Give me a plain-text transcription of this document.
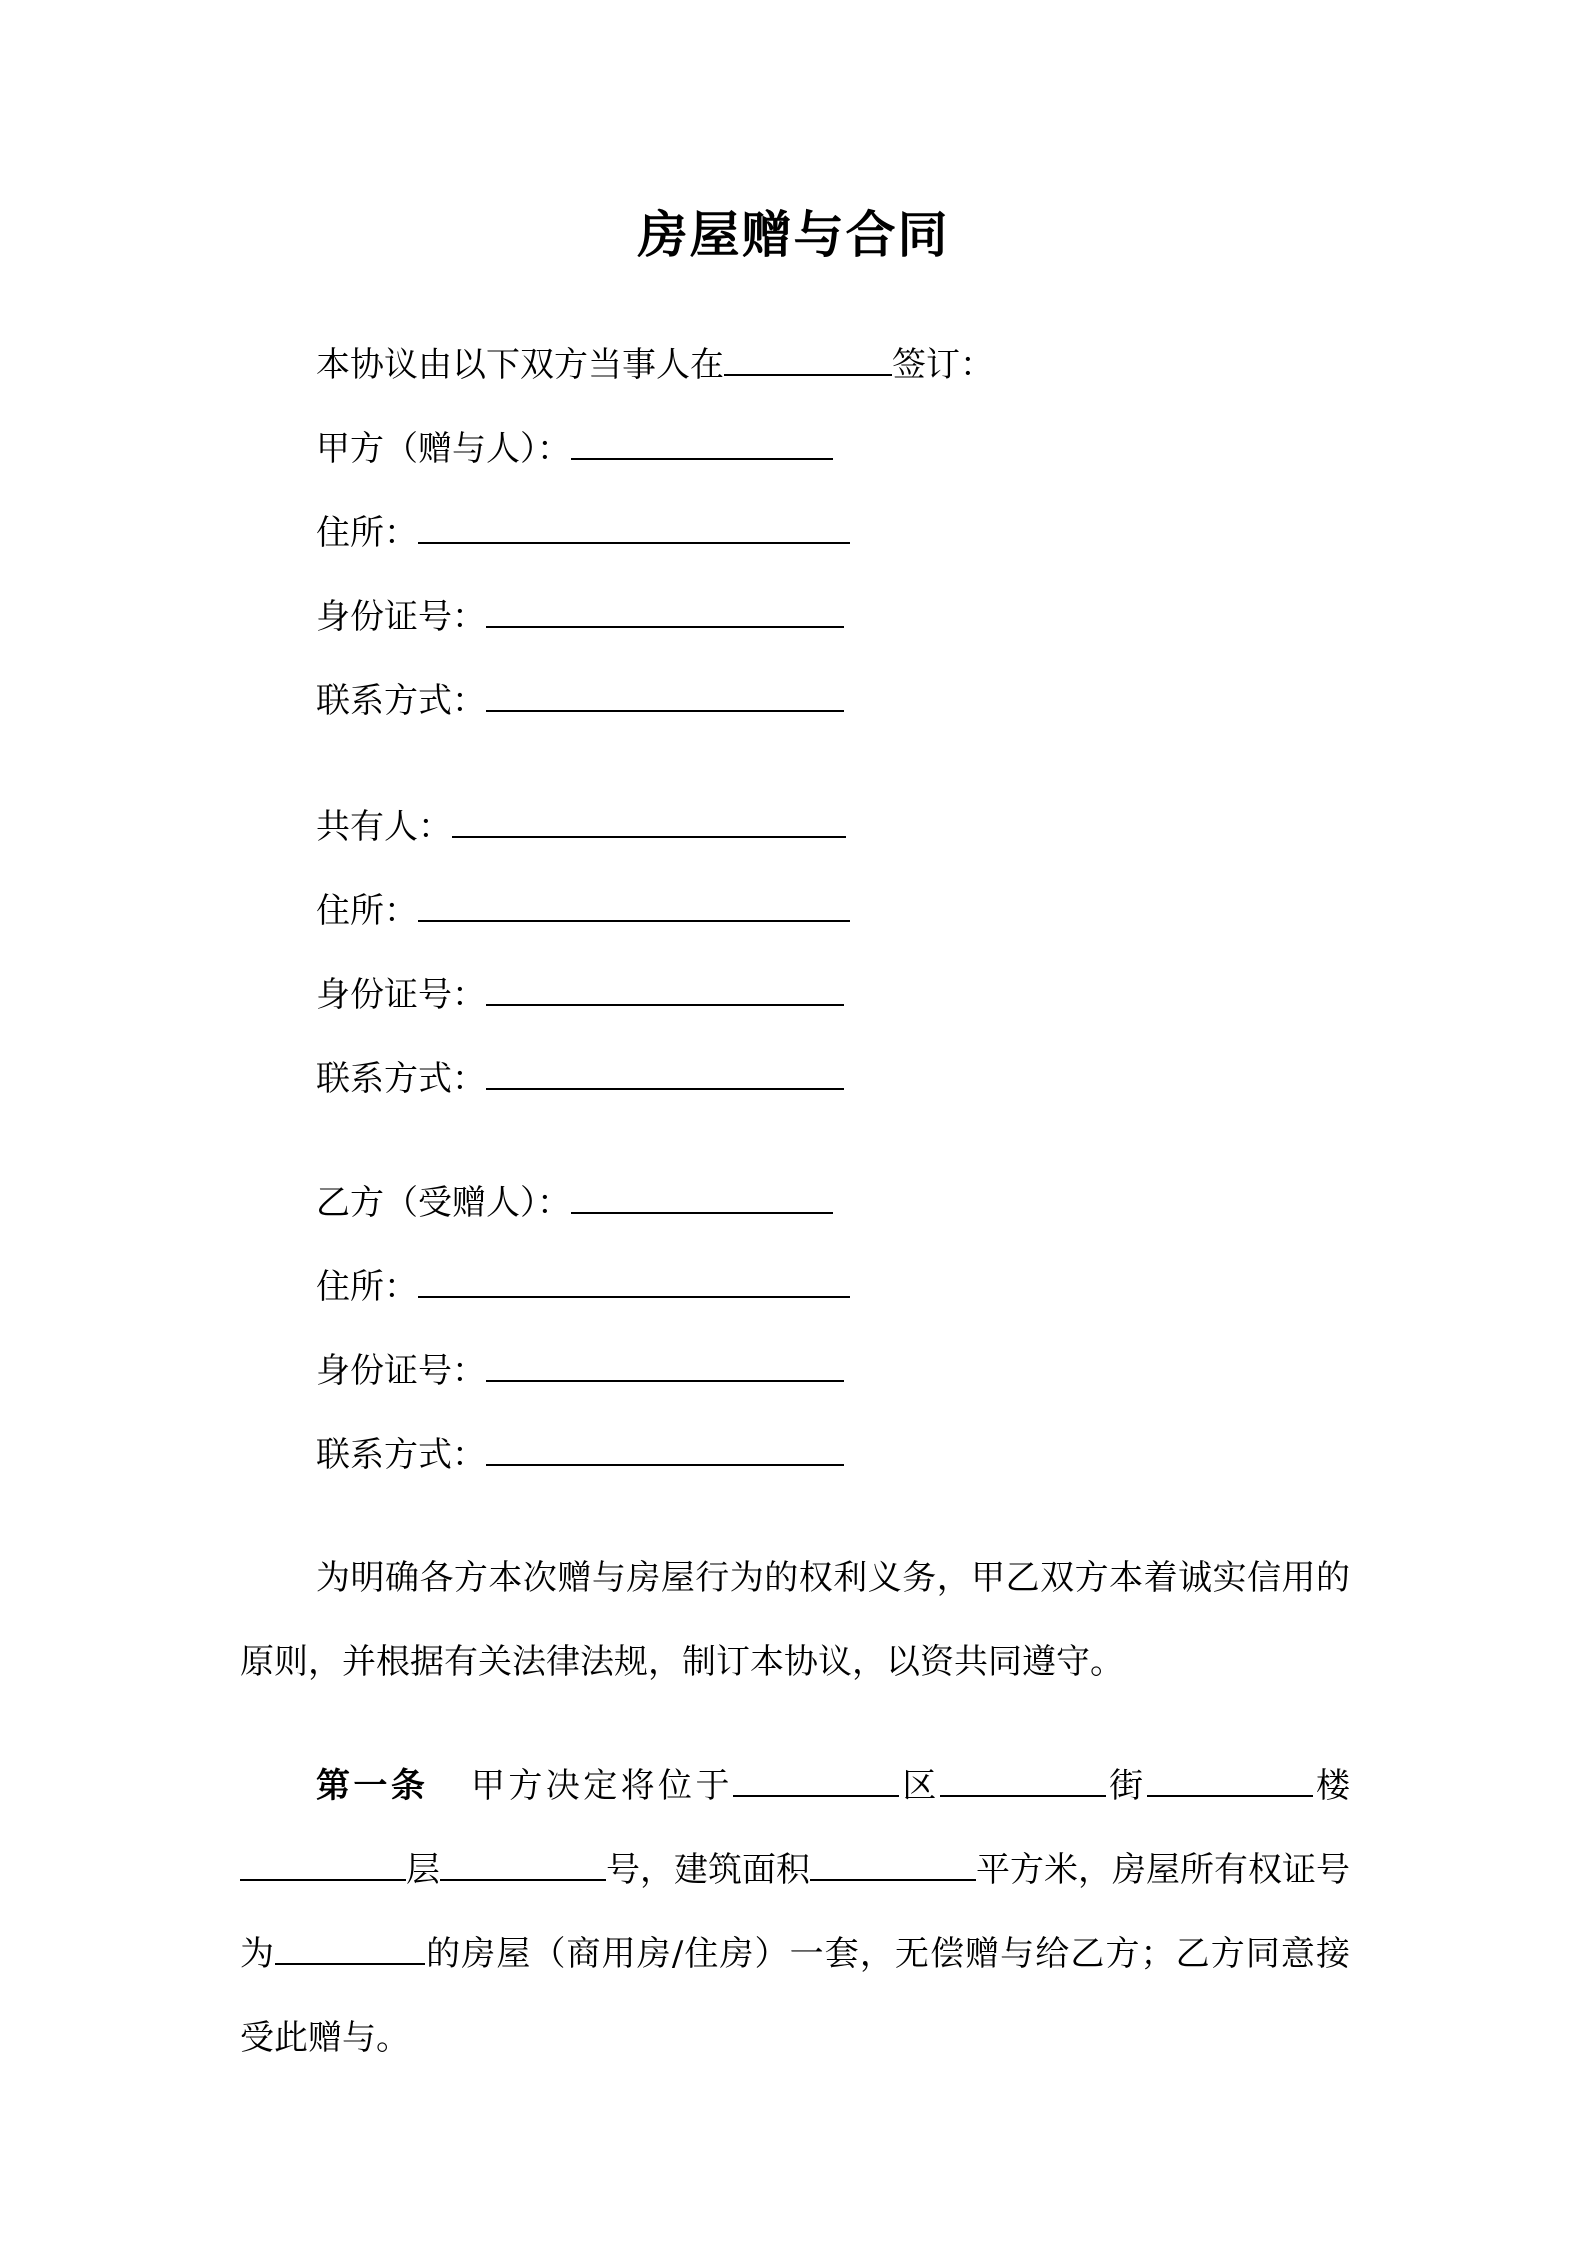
房屋赠与合同
本协议由以下双方当事人在	签订：
甲方（赠与人）：
住所：
身份证号：
联系方式：
共有人：
住所：
身份证号：
联系方式：
乙方（受赠人）：
住所：
身份证号：
联系方式：
为明确各方本次赠与房屋行为的权利义务，甲乙双方本着诚实信用的原则，并根据有关法律法规，制订本协议，以资共同遵守。
第一条 甲方决定将位于	区	街	楼层	号，建筑面积	平方米，房屋所有权证号为	的房屋（商用房/住房）一套，无偿赠与给乙方；乙方同意接受此赠与。
